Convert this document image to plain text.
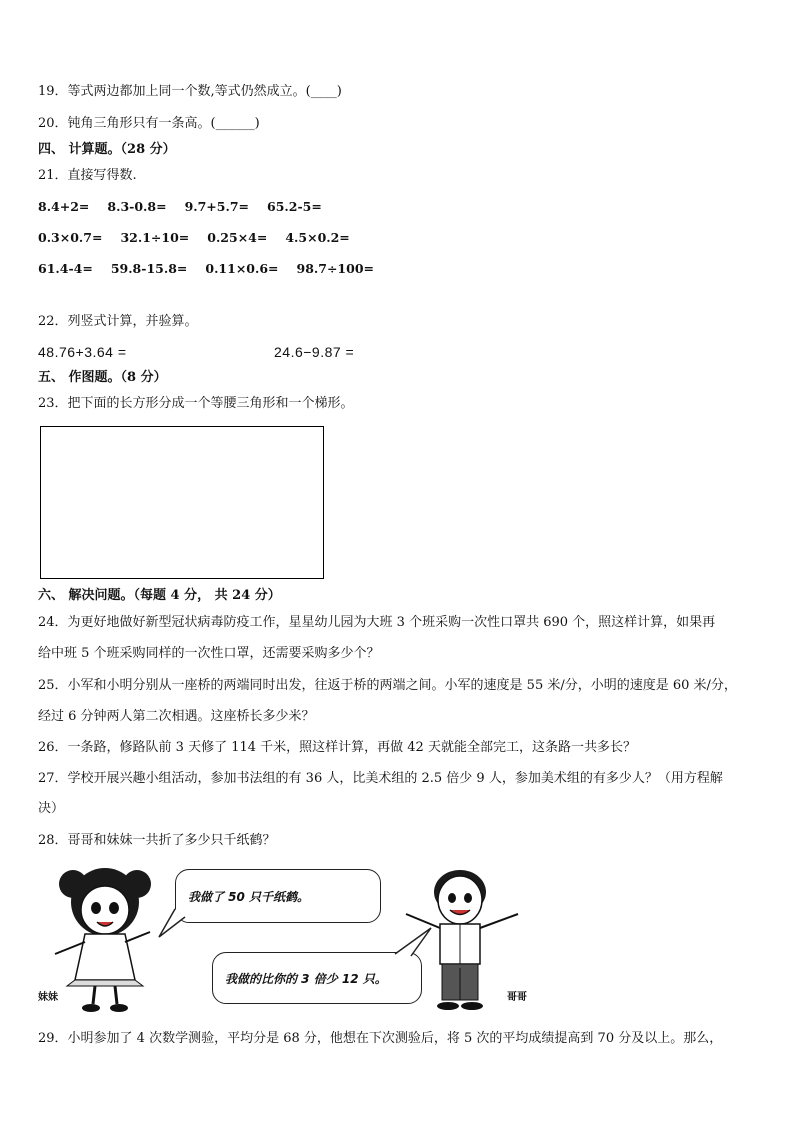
19．等式两边都加上同一个数,等式仍然成立。(____)
20．钝角三角形只有一条高。(______)
四、 计算题。（28 分）
21．直接写得数.
8.4+2= 8.3-0.8= 9.7+5.7= 65.2-5=
0.3×0.7= 32.1÷10= 0.25×4= 4.5×0.2=
61.4-4= 59.8-15.8= 0.11×0.6= 98.7÷100=
22．列竖式计算，并验算。
48.76+3.64 =	24.6−9.87 =
五、 作图题。（8 分）
23．把下面的长方形分成一个等腰三角形和一个梯形。
六、 解决问题。（每题 4 分， 共 24 分）
24．为更好地做好新型冠状病毒防疫工作，星星幼儿园为大班 3 个班采购一次性口罩共 690 个，照这样计算，如果再
给中班 5 个班采购同样的一次性口罩，还需要采购多少个？
25．小军和小明分别从一座桥的两端同时出发，往返于桥的两端之间。小军的速度是 55 米/分，小明的速度是 60 米/分，
经过 6 分钟两人第二次相遇。这座桥长多少米？
26．一条路，修路队前 3 天修了 114 千米，照这样计算，再做 42 天就能全部完工，这条路一共多长？
27．学校开展兴趣小组活动，参加书法组的有 36 人，比美术组的 2.5 倍少 9 人，参加美术组的有多少人？（用方程解
决）
28．哥哥和妹妹一共折了多少只千纸鹤？
妹妹
我做了 50 只千纸鹤。
我做的比你的 3 倍少 12 只。
哥哥
29．小明参加了 4 次数学测验，平均分是 68 分，他想在下次测验后，将 5 次的平均成绩提高到 70 分及以上。那么，
